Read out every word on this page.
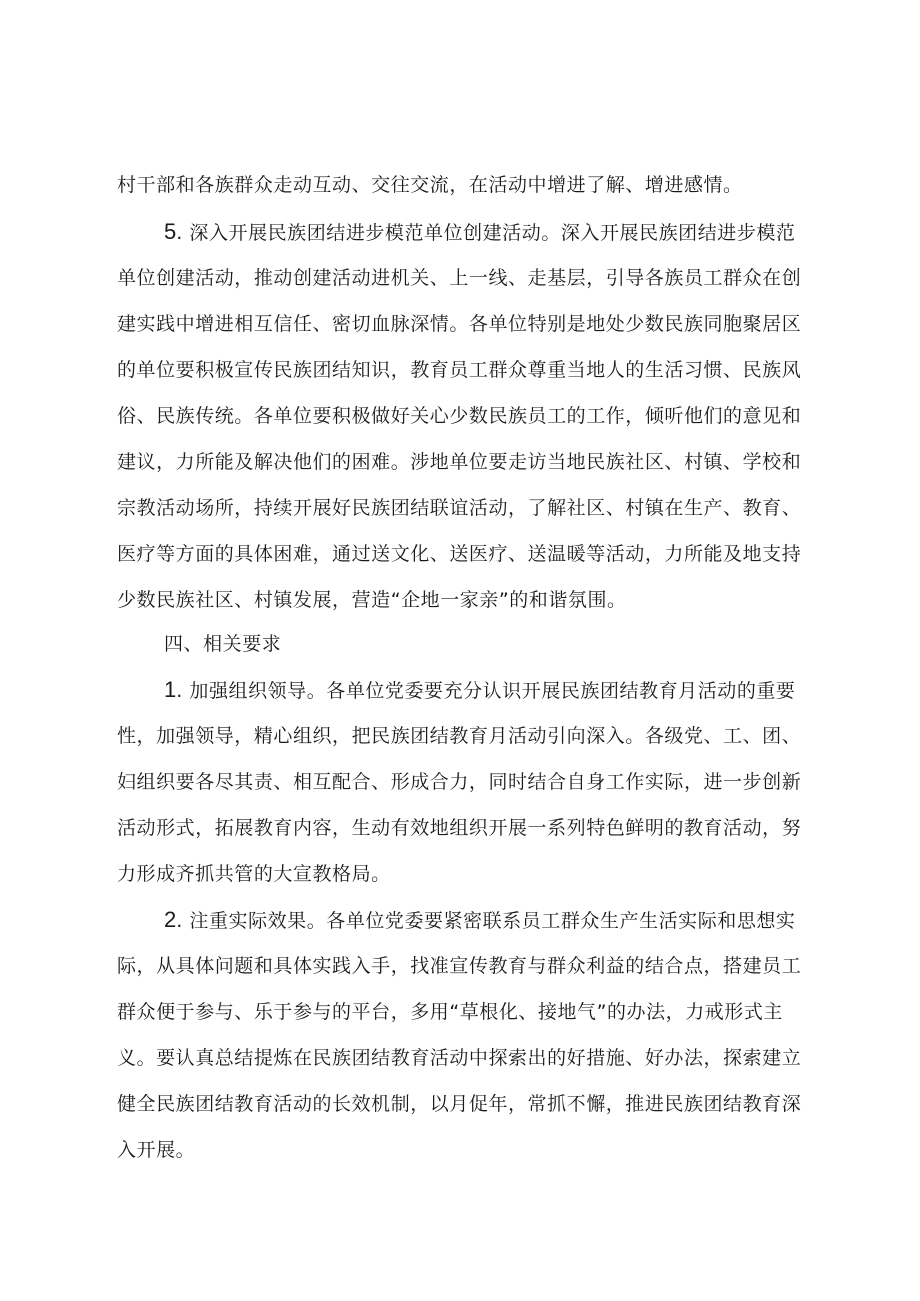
村干部和各族群众走动互动、交往交流，在活动中增进了解、增进感情。
5. 深入开展民族团结进步模范单位创建活动。深入开展民族团结进步模范
单位创建活动，推动创建活动进机关、上一线、走基层，引导各族员工群众在创
建实践中增进相互信任、密切血脉深情。各单位特别是地处少数民族同胞聚居区
的单位要积极宣传民族团结知识，教育员工群众尊重当地人的生活习惯、民族风
俗、民族传统。各单位要积极做好关心少数民族员工的工作，倾听他们的意见和
建议，力所能及解决他们的困难。涉地单位要走访当地民族社区、村镇、学校和
宗教活动场所，持续开展好民族团结联谊活动，了解社区、村镇在生产、教育、
医疗等方面的具体困难，通过送文化、送医疗、送温暖等活动，力所能及地支持
少数民族社区、村镇发展，营造“企地一家亲”的和谐氛围。
四、相关要求
1. 加强组织领导。各单位党委要充分认识开展民族团结教育月活动的重要
性，加强领导，精心组织，把民族团结教育月活动引向深入。各级党、工、团、
妇组织要各尽其责、相互配合、形成合力，同时结合自身工作实际，进一步创新
活动形式，拓展教育内容，生动有效地组织开展一系列特色鲜明的教育活动，努
力形成齐抓共管的大宣教格局。
2. 注重实际效果。各单位党委要紧密联系员工群众生产生活实际和思想实
际，从具体问题和具体实践入手，找准宣传教育与群众利益的结合点，搭建员工
群众便于参与、乐于参与的平台，多用“草根化、接地气”的办法，力戒形式主
义。要认真总结提炼在民族团结教育活动中探索出的好措施、好办法，探索建立
健全民族团结教育活动的长效机制，以月促年，常抓不懈，推进民族团结教育深
入开展。
